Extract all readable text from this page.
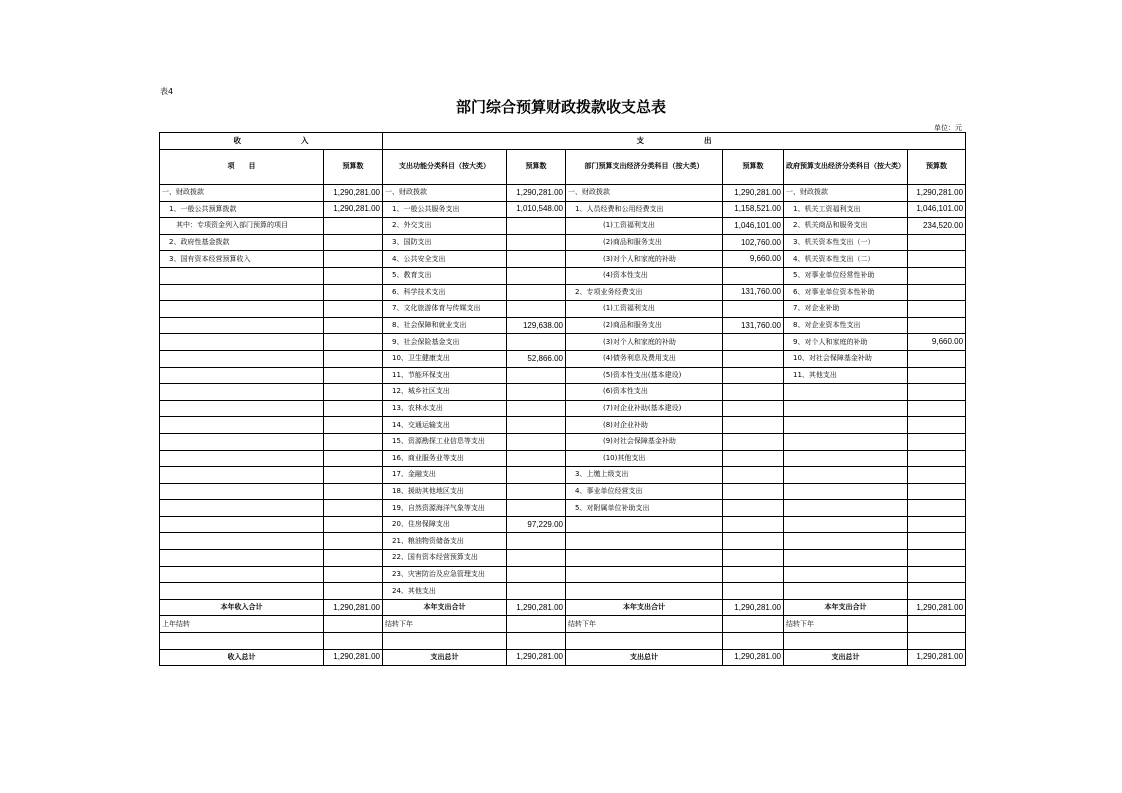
表4
部门综合预算财政拨款收支总表
单位：元
收　　　　　　　　入		支　　　　　　　　出					
项　　目	预算数	支出功能分类科目（按大类）	预算数	部门预算支出经济分类科目（按大类）	预算数	政府预算支出经济分类科目（按大类）	预算数
一、财政拨款	1,290,281.00	一、财政拨款	1,290,281.00	一、财政拨款	1,290,281.00	一、财政拨款	1,290,281.00
　1、一般公共预算拨款	1,290,281.00	　1、一般公共服务支出	1,010,548.00	　1、人员经费和公用经费支出	1,158,521.00	　1、机关工资福利支出	1,046,101.00
　　其中：专项资金列入部门预算的项目		　2、外交支出		　　　　　(1)工资福利支出	1,046,101.00	　2、机关商品和服务支出	234,520.00
　2、政府性基金拨款		　3、国防支出		　　　　　(2)商品和服务支出	102,760.00	　3、机关资本性支出（一）	
　3、国有资本经营预算收入		　4、公共安全支出		　　　　　(3)对个人和家庭的补助	9,660.00	　4、机关资本性支出（二）	
		　5、教育支出		　　　　　(4)资本性支出		　5、对事业单位经常性补助	
		　6、科学技术支出		　2、专项业务经费支出	131,760.00	　6、对事业单位资本性补助	
		　7、文化旅游体育与传媒支出		　　　　　(1)工资福利支出		　7、对企业补助	
		　8、社会保障和就业支出	129,638.00	　　　　　(2)商品和服务支出	131,760.00	　8、对企业资本性支出	
		　9、社会保险基金支出		　　　　　(3)对个人和家庭的补助		　9、对个人和家庭的补助	9,660.00
		　10、卫生健康支出	52,866.00	　　　　　(4)债务利息及费用支出		　10、对社会保障基金补助	
		　11、节能环保支出		　　　　　(5)资本性支出(基本建设)		　11、其他支出	
		　12、城乡社区支出		　　　　　(6)资本性支出			
		　13、农林水支出		　　　　　(7)对企业补助(基本建设)			
		　14、交通运输支出		　　　　　(8)对企业补助			
		　15、资源勘探工业信息等支出		　　　　　(9)对社会保障基金补助			
		　16、商业服务业等支出		　　　　　(10)其他支出			
		　17、金融支出		　3、上缴上级支出			
		　18、援助其他地区支出		　4、事业单位经营支出			
		　19、自然资源海洋气象等支出		　5、对附属单位补助支出			
		　20、住房保障支出	97,229.00				
		　21、粮油物资储备支出					
		　22、国有资本经营预算支出					
		　23、灾害防治及应急管理支出					
		　24、其他支出					
本年收入合计	1,290,281.00	本年支出合计	1,290,281.00	本年支出合计	1,290,281.00	本年支出合计	1,290,281.00
上年结转		结转下年		结转下年		结转下年	

收入总计	1,290,281.00	支出总计	1,290,281.00	支出总计	1,290,281.00	支出总计	1,290,281.00
